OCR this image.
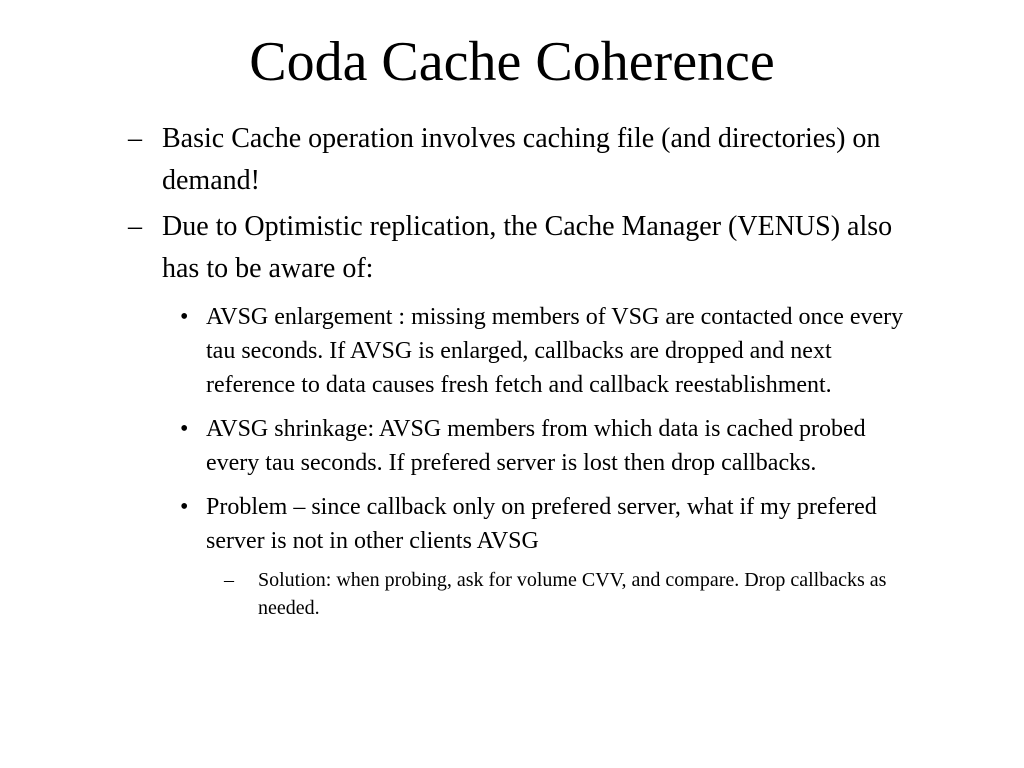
Coda Cache Coherence
– Basic Cache operation involves caching file (and directories) on demand!
– Due to Optimistic replication, the Cache Manager (VENUS) also has to be aware of:
• AVSG enlargement : missing members of VSG are contacted once every tau seconds. If AVSG is enlarged, callbacks are dropped and next reference to data causes fresh fetch and callback reestablishment.
• AVSG shrinkage: AVSG members from which data is cached probed every tau seconds. If prefered server is lost then drop callbacks.
• Problem – since callback only on prefered server, what if my prefered server is not in other clients AVSG
– Solution: when probing, ask for volume CVV, and compare. Drop callbacks as needed.
